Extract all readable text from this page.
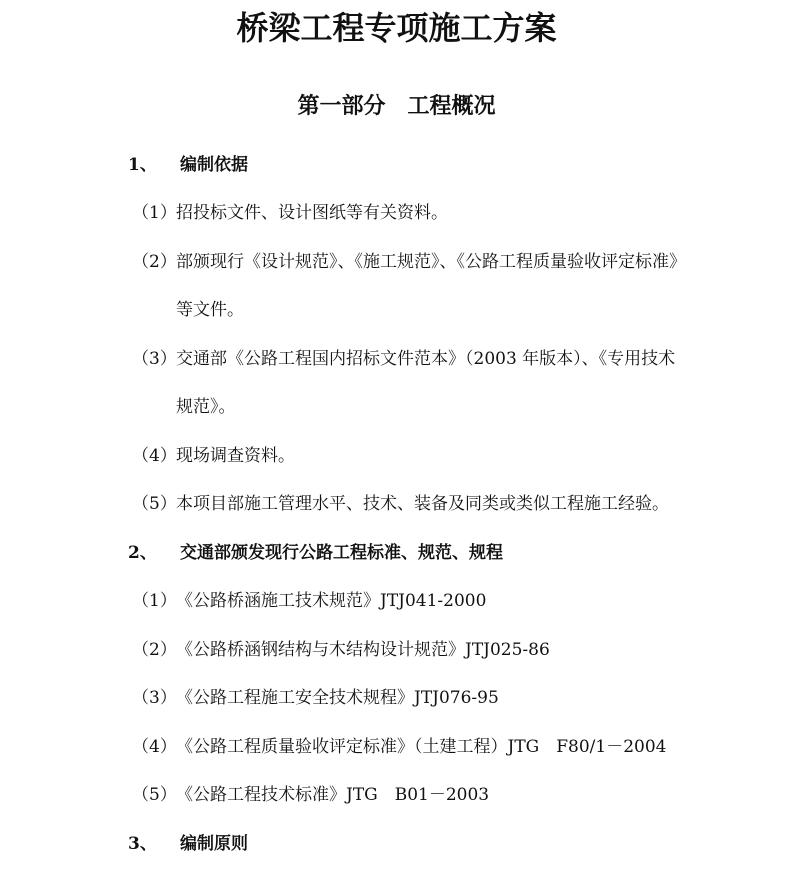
桥梁工程专项施工方案
第一部分　工程概况
1、 编制依据
（1） 招投标文件、设计图纸等有关资料。
（2） 部颁现行《设计规范》、《施工规范》、《公路工程质量验收评定标准》
等文件。
（3） 交通部《公路工程国内招标文件范本》（2003 年版本）、《专用技术
规范》。
（4） 现场调查资料。
（5） 本项目部施工管理水平、技术、装备及同类或类似工程施工经验。
2、 交通部颁发现行公路工程标准、规范、规程
（1） 《公路桥涵施工技术规范》JTJ041-2000
（2） 《公路桥涵钢结构与木结构设计规范》JTJ025-86
（3） 《公路工程施工安全技术规程》JTJ076-95
（4） 《公路工程质量验收评定标准》（土建工程）JTG　F80/1－2004
（5） 《公路工程技术标准》JTG　B01－2003
3、 编制原则
